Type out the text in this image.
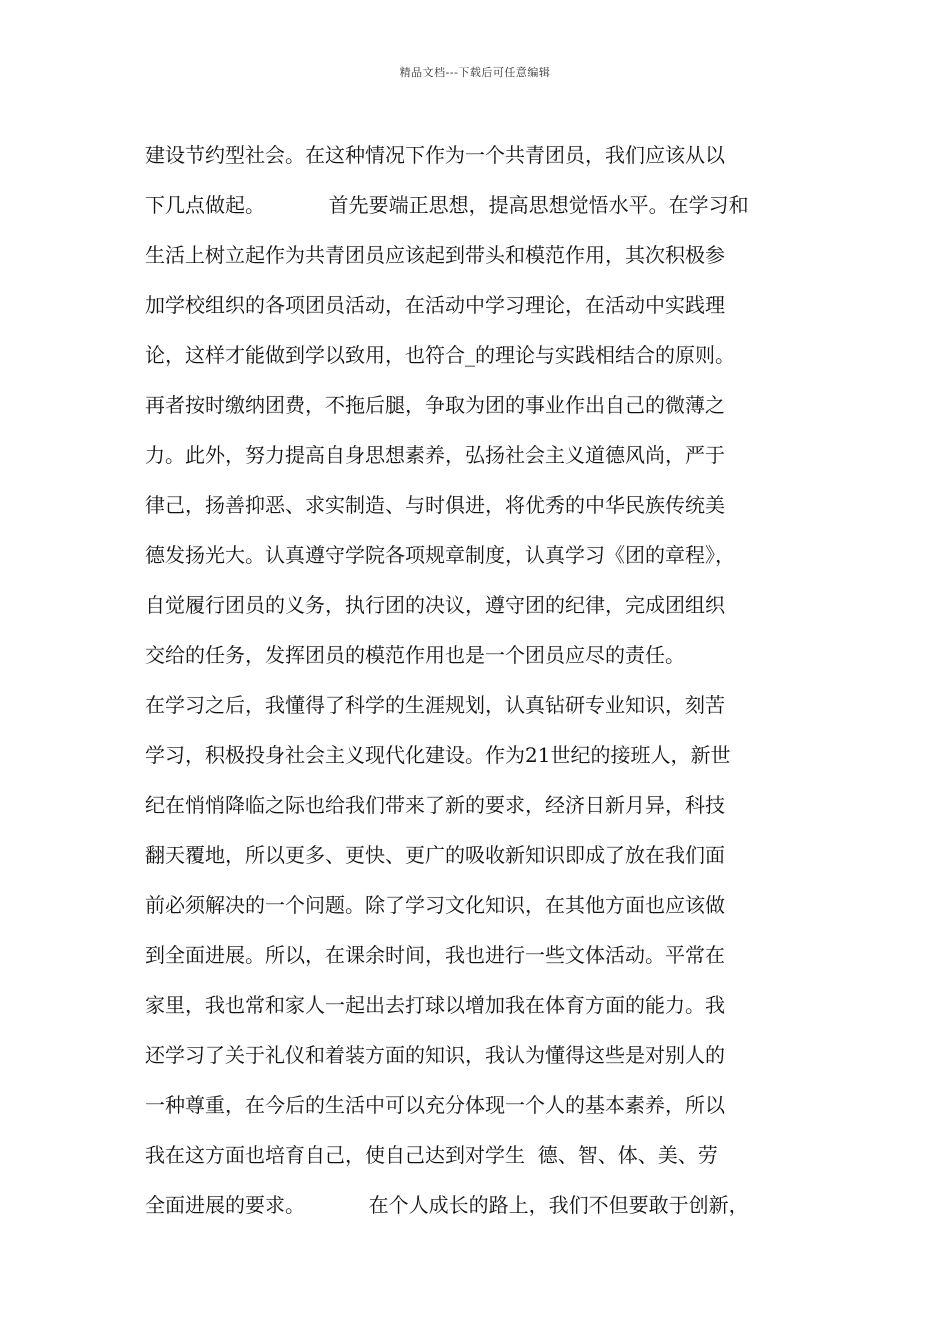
精品文档---下载后可任意编辑
建设节约型社会。在这种情况下作为一个共青团员，我们应该从以
下几点做起。          首先要端正思想，提高思想觉悟水平。在学习和
生活上树立起作为共青团员应该起到带头和模范作用，其次积极参
加学校组织的各项团员活动，在活动中学习理论，在活动中实践理
论，这样才能做到学以致用，也符合_的理论与实践相结合的原则。
再者按时缴纳团费，不拖后腿，争取为团的事业作出自己的微薄之
力。此外，努力提高自身思想素养，弘扬社会主义道德风尚，严于
律己，扬善抑恶、求实制造、与时俱进，将优秀的中华民族传统美
德发扬光大。认真遵守学院各项规章制度，认真学习《团的章程》，
自觉履行团员的义务，执行团的决议，遵守团的纪律，完成团组织
交给的任务，发挥团员的模范作用也是一个团员应尽的责任。
在学习之后，我懂得了科学的生涯规划，认真钻研专业知识，刻苦
学习，积极投身社会主义现代化建设。作为21世纪的接班人，新世
纪在悄悄降临之际也给我们带来了新的要求，经济日新月异，科技
翻天覆地，所以更多、更快、更广的吸收新知识即成了放在我们面
前必须解决的一个问题。除了学习文化知识，在其他方面也应该做
到全面进展。所以，在课余时间，我也进行一些文体活动。平常在
家里，我也常和家人一起出去打球以增加我在体育方面的能力。我
还学习了关于礼仪和着装方面的知识，我认为懂得这些是对别人的
一种尊重，在今后的生活中可以充分体现一个人的基本素养，所以
我在这方面也培育自己，使自己达到对学生  德、智、体、美、劳
全面进展的要求。          在个人成长的路上，我们不但要敢于创新，
